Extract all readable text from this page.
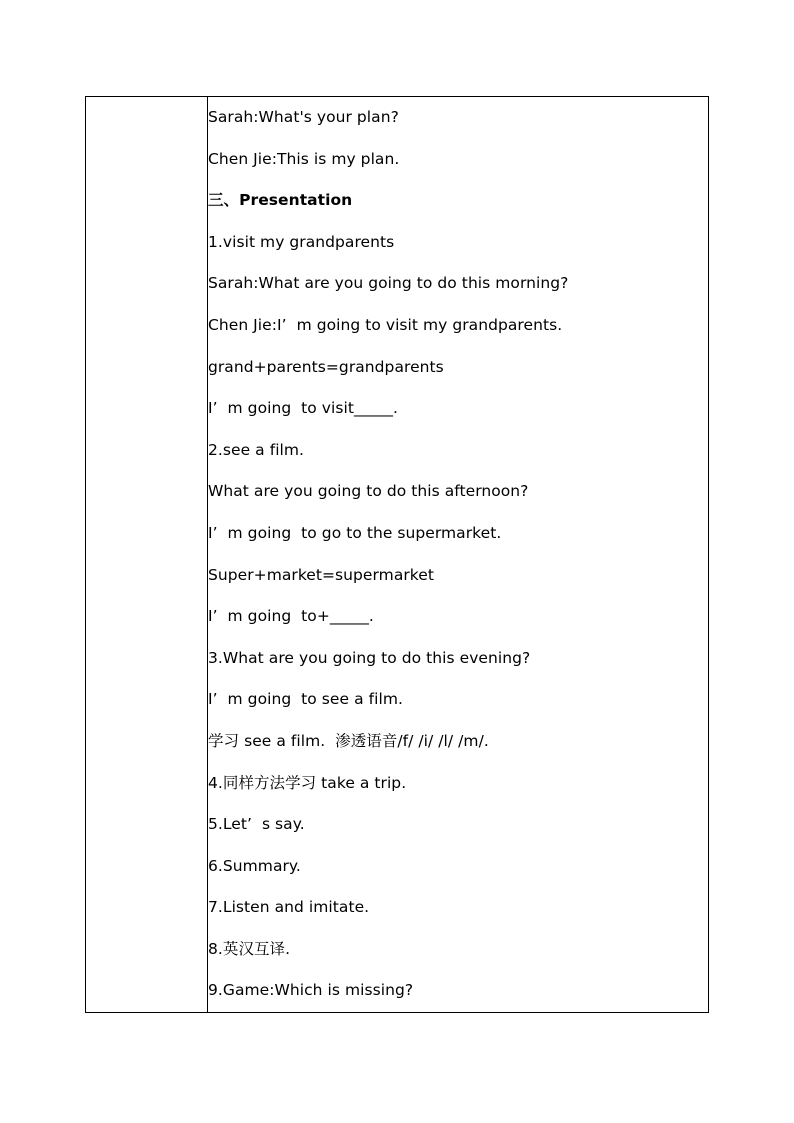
Sarah:What's your plan?
Chen Jie:This is my plan.
三、Presentation
1.visit my grandparents
Sarah:What are you going to do this morning?
Chen Jie:I’  m going to visit my grandparents.
grand+parents=grandparents
I’  m going  to visit_____.
2.see a film.
What are you going to do this afternoon?
I’  m going  to go to the supermarket.
Super+market=supermarket
I’  m going  to+_____.
3.What are you going to do this evening?
I’  m going  to see a film.
学习 see a film.  渗透语音/f/ /i/ /l/ /m/.
4.同样方法学习 take a trip.
5.Let’  s say.
6.Summary.
7.Listen and imitate.
8.英汉互译.
9.Game:Which is missing?
